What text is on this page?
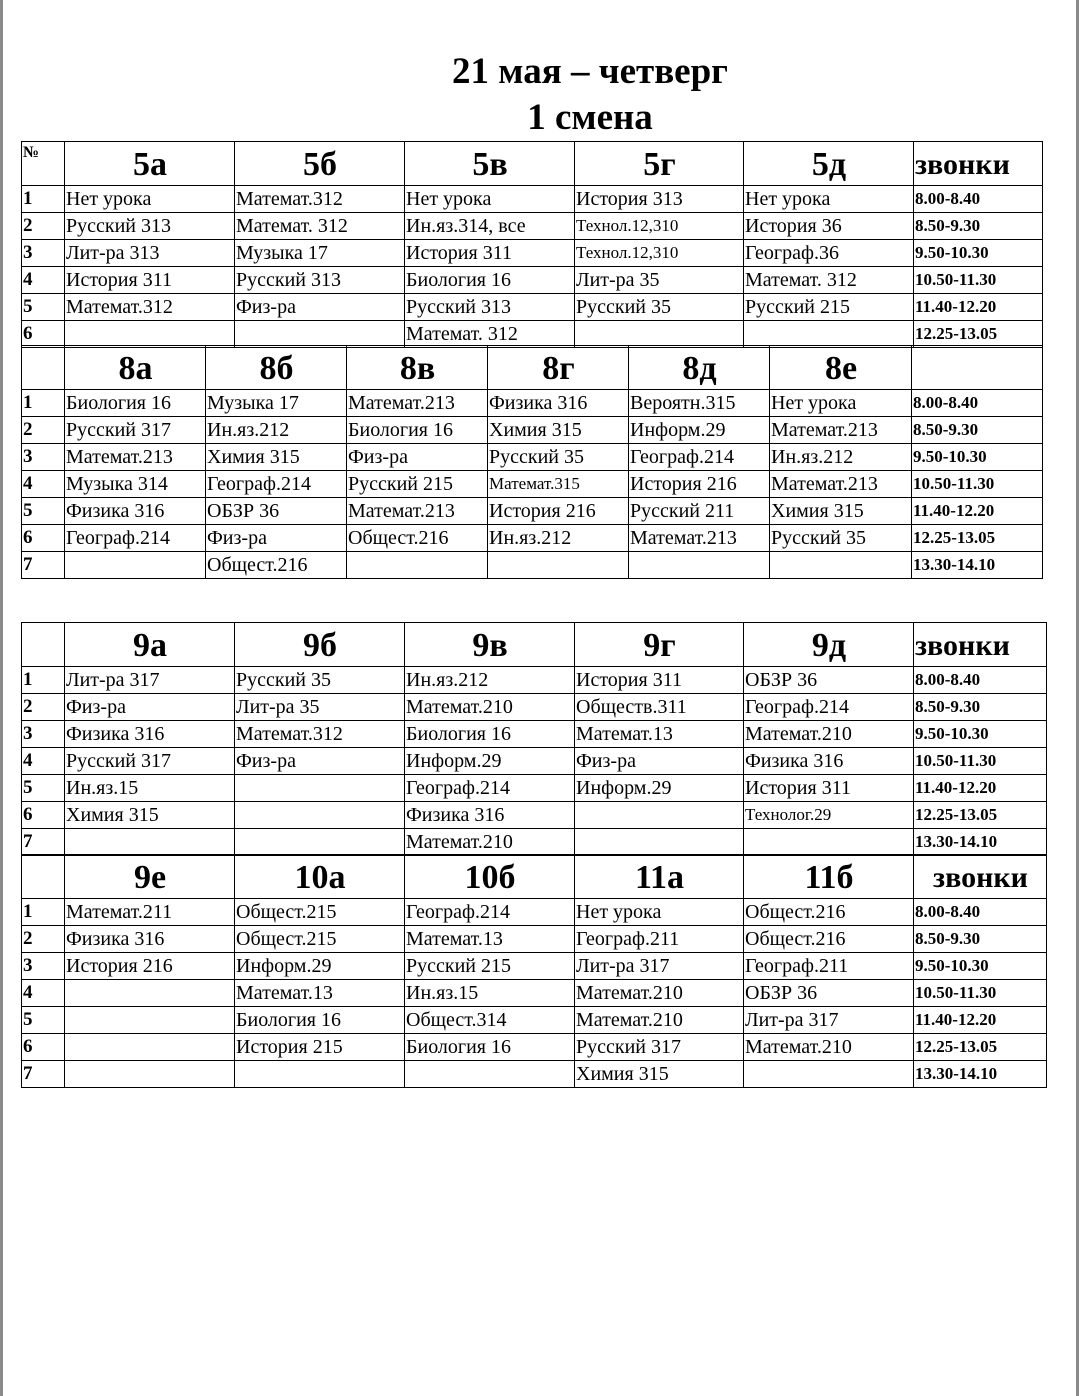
21 мая – четверг
1 смена
№	5а	5б	5в	5г	5д	звонки
1	Нет урока	Математ.312	Нет урока	История 313	Нет урока	8.00-8.40
2	Русский 313	Математ. 312	Ин.яз.314, все	Технол.12,310	История 36	8.50-9.30
3	Лит-ра 313	Музыка 17	История 311	Технол.12,310	Географ.36	9.50-10.30
4	История 311	Русский 313	Биология 16	Лит-ра 35	Математ. 312	10.50-11.30
5	Математ.312	Физ-ра	Русский 313	Русский 35	Русский 215	11.40-12.20
6			Математ. 312			12.25-13.05
	8а	8б	8в	8г	8д	8е	
1	Биология 16	Музыка 17	Математ.213	Физика 316	Вероятн.315	Нет урока	8.00-8.40
2	Русский 317	Ин.яз.212	Биология 16	Химия 315	Информ.29	Математ.213	8.50-9.30
3	Математ.213	Химия 315	Физ-ра	Русский 35	Географ.214	Ин.яз.212	9.50-10.30
4	Музыка 314	Географ.214	Русский 215	Математ.315	История 216	Математ.213	10.50-11.30
5	Физика 316	ОБЗР 36	Математ.213	История 216	Русский 211	Химия 315	11.40-12.20
6	Географ.214	Физ-ра	Общест.216	Ин.яз.212	Математ.213	Русский 35	12.25-13.05
7		Общест.216					13.30-14.10
	9а	9б	9в	9г	9д	звонки
1	Лит-ра 317	Русский 35	Ин.яз.212	История 311	ОБЗР 36	8.00-8.40
2	Физ-ра	Лит-ра 35	Математ.210	Обществ.311	Географ.214	8.50-9.30
3	Физика 316	Математ.312	Биология 16	Математ.13	Математ.210	9.50-10.30
4	Русский 317	Физ-ра	Информ.29	Физ-ра	Физика 316	10.50-11.30
5	Ин.яз.15		Географ.214	Информ.29	История 311	11.40-12.20
6	Химия 315		Физика 316		Технолог.29	12.25-13.05
7			Математ.210			13.30-14.10
	9е	10а	10б	11а	11б	звонки
1	Математ.211	Общест.215	Географ.214	Нет урока	Общест.216	8.00-8.40
2	Физика 316	Общест.215	Математ.13	Географ.211	Общест.216	8.50-9.30
3	История 216	Информ.29	Русский 215	Лит-ра 317	Географ.211	9.50-10.30
4		Математ.13	Ин.яз.15	Математ.210	ОБЗР 36	10.50-11.30
5		Биология 16	Общест.314	Математ.210	Лит-ра 317	11.40-12.20
6		История 215	Биология 16	Русский 317	Математ.210	12.25-13.05
7				Химия 315		13.30-14.10
